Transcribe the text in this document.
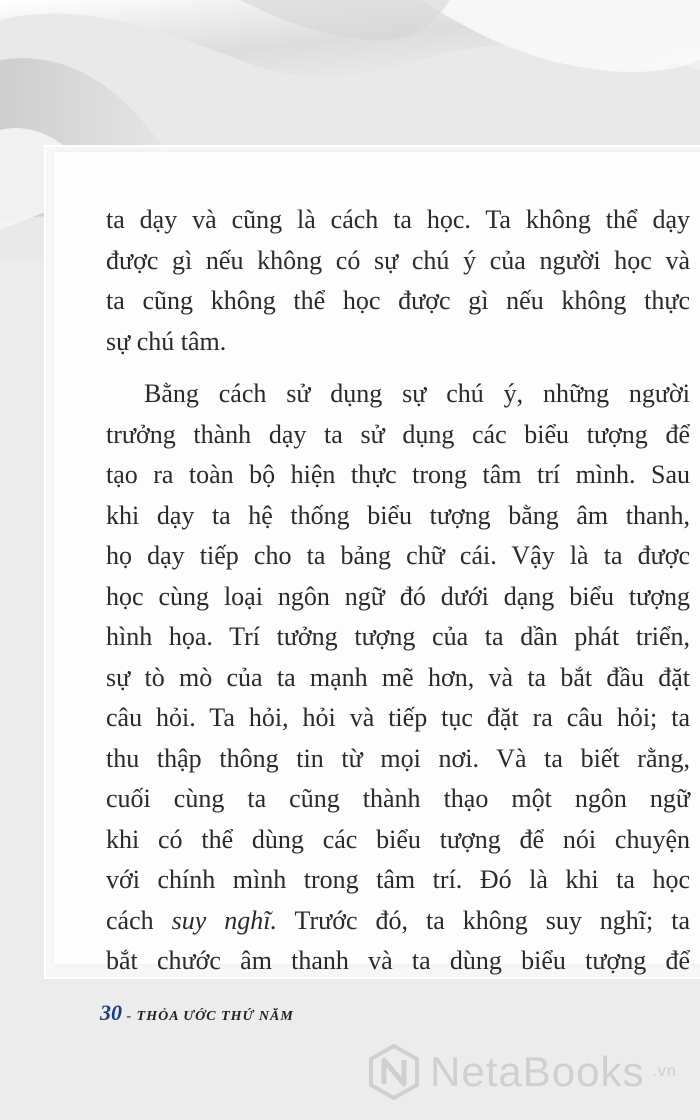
ta dạy và cũng là cách ta học. Ta không thể dạy
được gì nếu không có sự chú ý của người học và
ta cũng không thể học được gì nếu không thực
sự chú tâm.
Bằng cách sử dụng sự chú ý, những người
trưởng thành dạy ta sử dụng các biểu tượng để
tạo ra toàn bộ hiện thực trong tâm trí mình. Sau
khi dạy ta hệ thống biểu tượng bằng âm thanh,
họ dạy tiếp cho ta bảng chữ cái. Vậy là ta được
học cùng loại ngôn ngữ đó dưới dạng biểu tượng
hình họa. Trí tưởng tượng của ta dần phát triển,
sự tò mò của ta mạnh mẽ hơn, và ta bắt đầu đặt
câu hỏi. Ta hỏi, hỏi và tiếp tục đặt ra câu hỏi; ta
thu thập thông tin từ mọi nơi. Và ta biết rằng,
cuối cùng ta cũng thành thạo một ngôn ngữ
khi có thể dùng các biểu tượng để nói chuyện
với chính mình trong tâm trí. Đó là khi ta học
cách suy nghĩ. Trước đó, ta không suy nghĩ; ta
bắt chước âm thanh và ta dùng biểu tượng để
30 - THỎA ƯỚC THỨ NĂM
NetaBooks .vn
